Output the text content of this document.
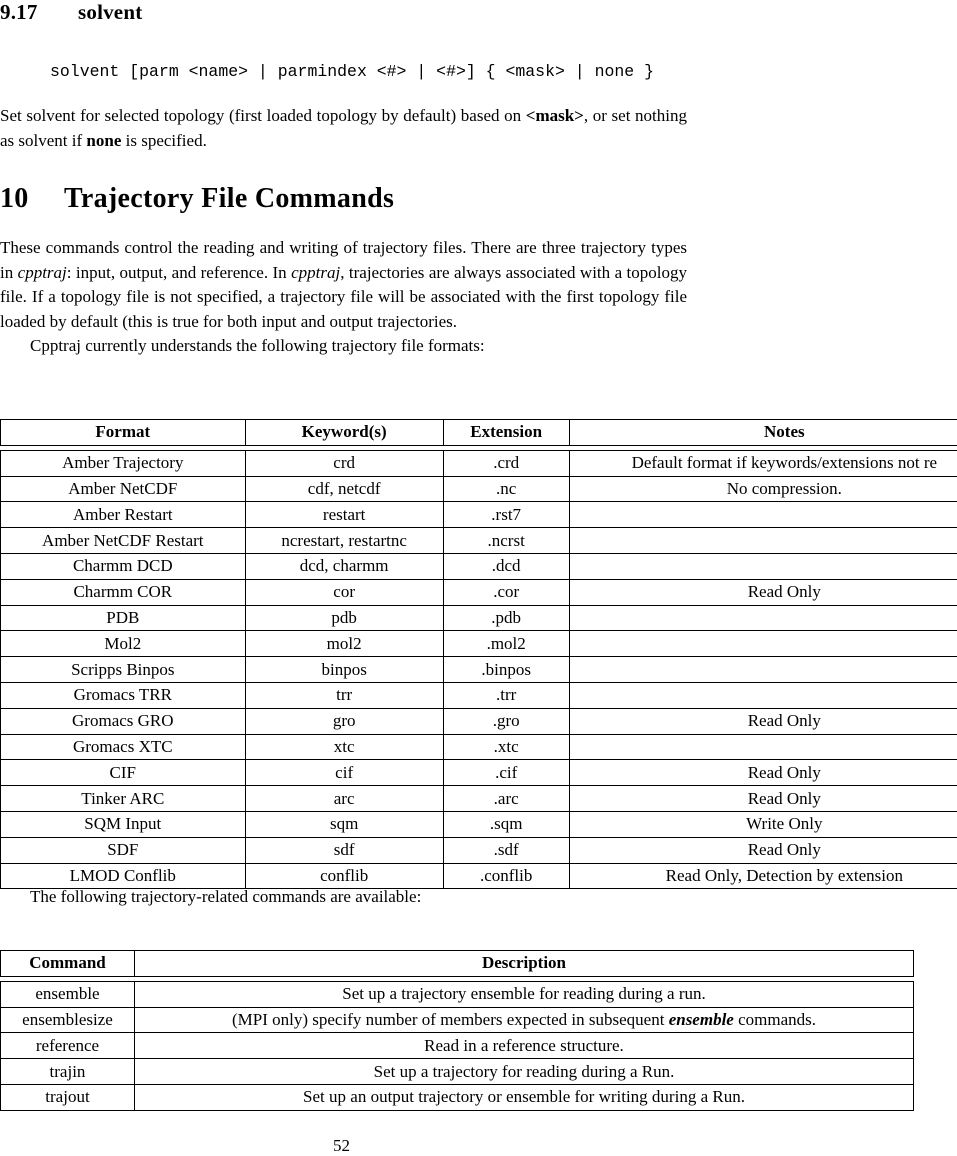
9.17 solvent
solvent [parm <name> | parmindex <#> | <#>] { <mask> | none }
Set solvent for selected topology (first loaded topology by default) based on <mask>, or set nothing as solvent if none is specified.
10 Trajectory File Commands
These commands control the reading and writing of trajectory files. There are three trajectory types in cpptraj: input, output, and reference. In cpptraj, trajectories are always associated with a topology file. If a topology file is not specified, a trajectory file will be associated with the first topology file loaded by default (this is true for both input and output trajectories.
Cpptraj currently understands the following trajectory file formats:
Format	Keyword(s)	Extension	Notes

Amber Trajectory	crd	.crd	Default format if keywords/extensions not re
Amber NetCDF	cdf, netcdf	.nc	No compression.
Amber Restart	restart	.rst7	
Amber NetCDF Restart	ncrestart, restartnc	.ncrst	
Charmm DCD	dcd, charmm	.dcd	
Charmm COR	cor	.cor	Read Only
PDB	pdb	.pdb	
Mol2	mol2	.mol2	
Scripps Binpos	binpos	.binpos	
Gromacs TRR	trr	.trr	
Gromacs GRO	gro	.gro	Read Only
Gromacs XTC	xtc	.xtc	
CIF	cif	.cif	Read Only
Tinker ARC	arc	.arc	Read Only
SQM Input	sqm	.sqm	Write Only
SDF	sdf	.sdf	Read Only
LMOD Conflib	conflib	.conflib	Read Only, Detection by extension
The following trajectory-related commands are available:
Command	Description

ensemble	Set up a trajectory ensemble for reading during a run.
ensemblesize	(MPI only) specify number of members expected in subsequent ensemble commands.
reference	Read in a reference structure.
trajin	Set up a trajectory for reading during a Run.
trajout	Set up an output trajectory or ensemble for writing during a Run.
52
